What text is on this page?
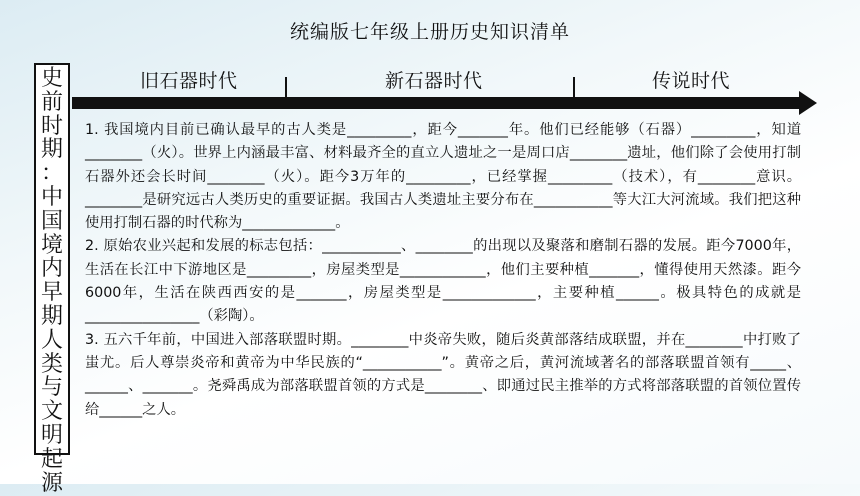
统编版七年级上册历史知识清单
史
前
时
期
：
中
国
境
内
早
期
人
类
与
文
明
起
源
旧石器时代	新石器时代	传说时代

1. 我国境内目前已确认最早的古人类是_________，距今_______年。他们已经能够（石器）_________，知道________（火）。世界上内涵最丰富、材料最齐全的直立人遗址之一是周口店________遗址，他们除了会使用打制石器外还会长时间________（火）。距今3万年的_________，已经掌握_________（技术），有________意识。________是研究远古人类历史的重要证据。我国古人类遗址主要分布在___________等大江大河流域。我们把这种使用打制石器的时代称为_____________。

2. 原始农业兴起和发展的标志包括：___________、________的出现以及聚落和磨制石器的发展。距今7000年，生活在长江中下游地区是_________，房屋类型是____________，他们主要种植_______，懂得使用天然漆。距今6000年，生活在陕西西安的是_______，房屋类型是_____________，主要种植______。极具特色的成就是________________（彩陶）。

3. 五六千年前，中国进入部落联盟时期。________中炎帝失败，随后炎黄部落结成联盟，并在________中打败了蚩尤。后人尊崇炎帝和黄帝为中华民族的“___________”。黄帝之后，黄河流域著名的部落联盟首领有_____、______、_______。尧舜禹成为部落联盟首领的方式是________、即通过民主推举的方式将部落联盟的首领位置传给______之人。
